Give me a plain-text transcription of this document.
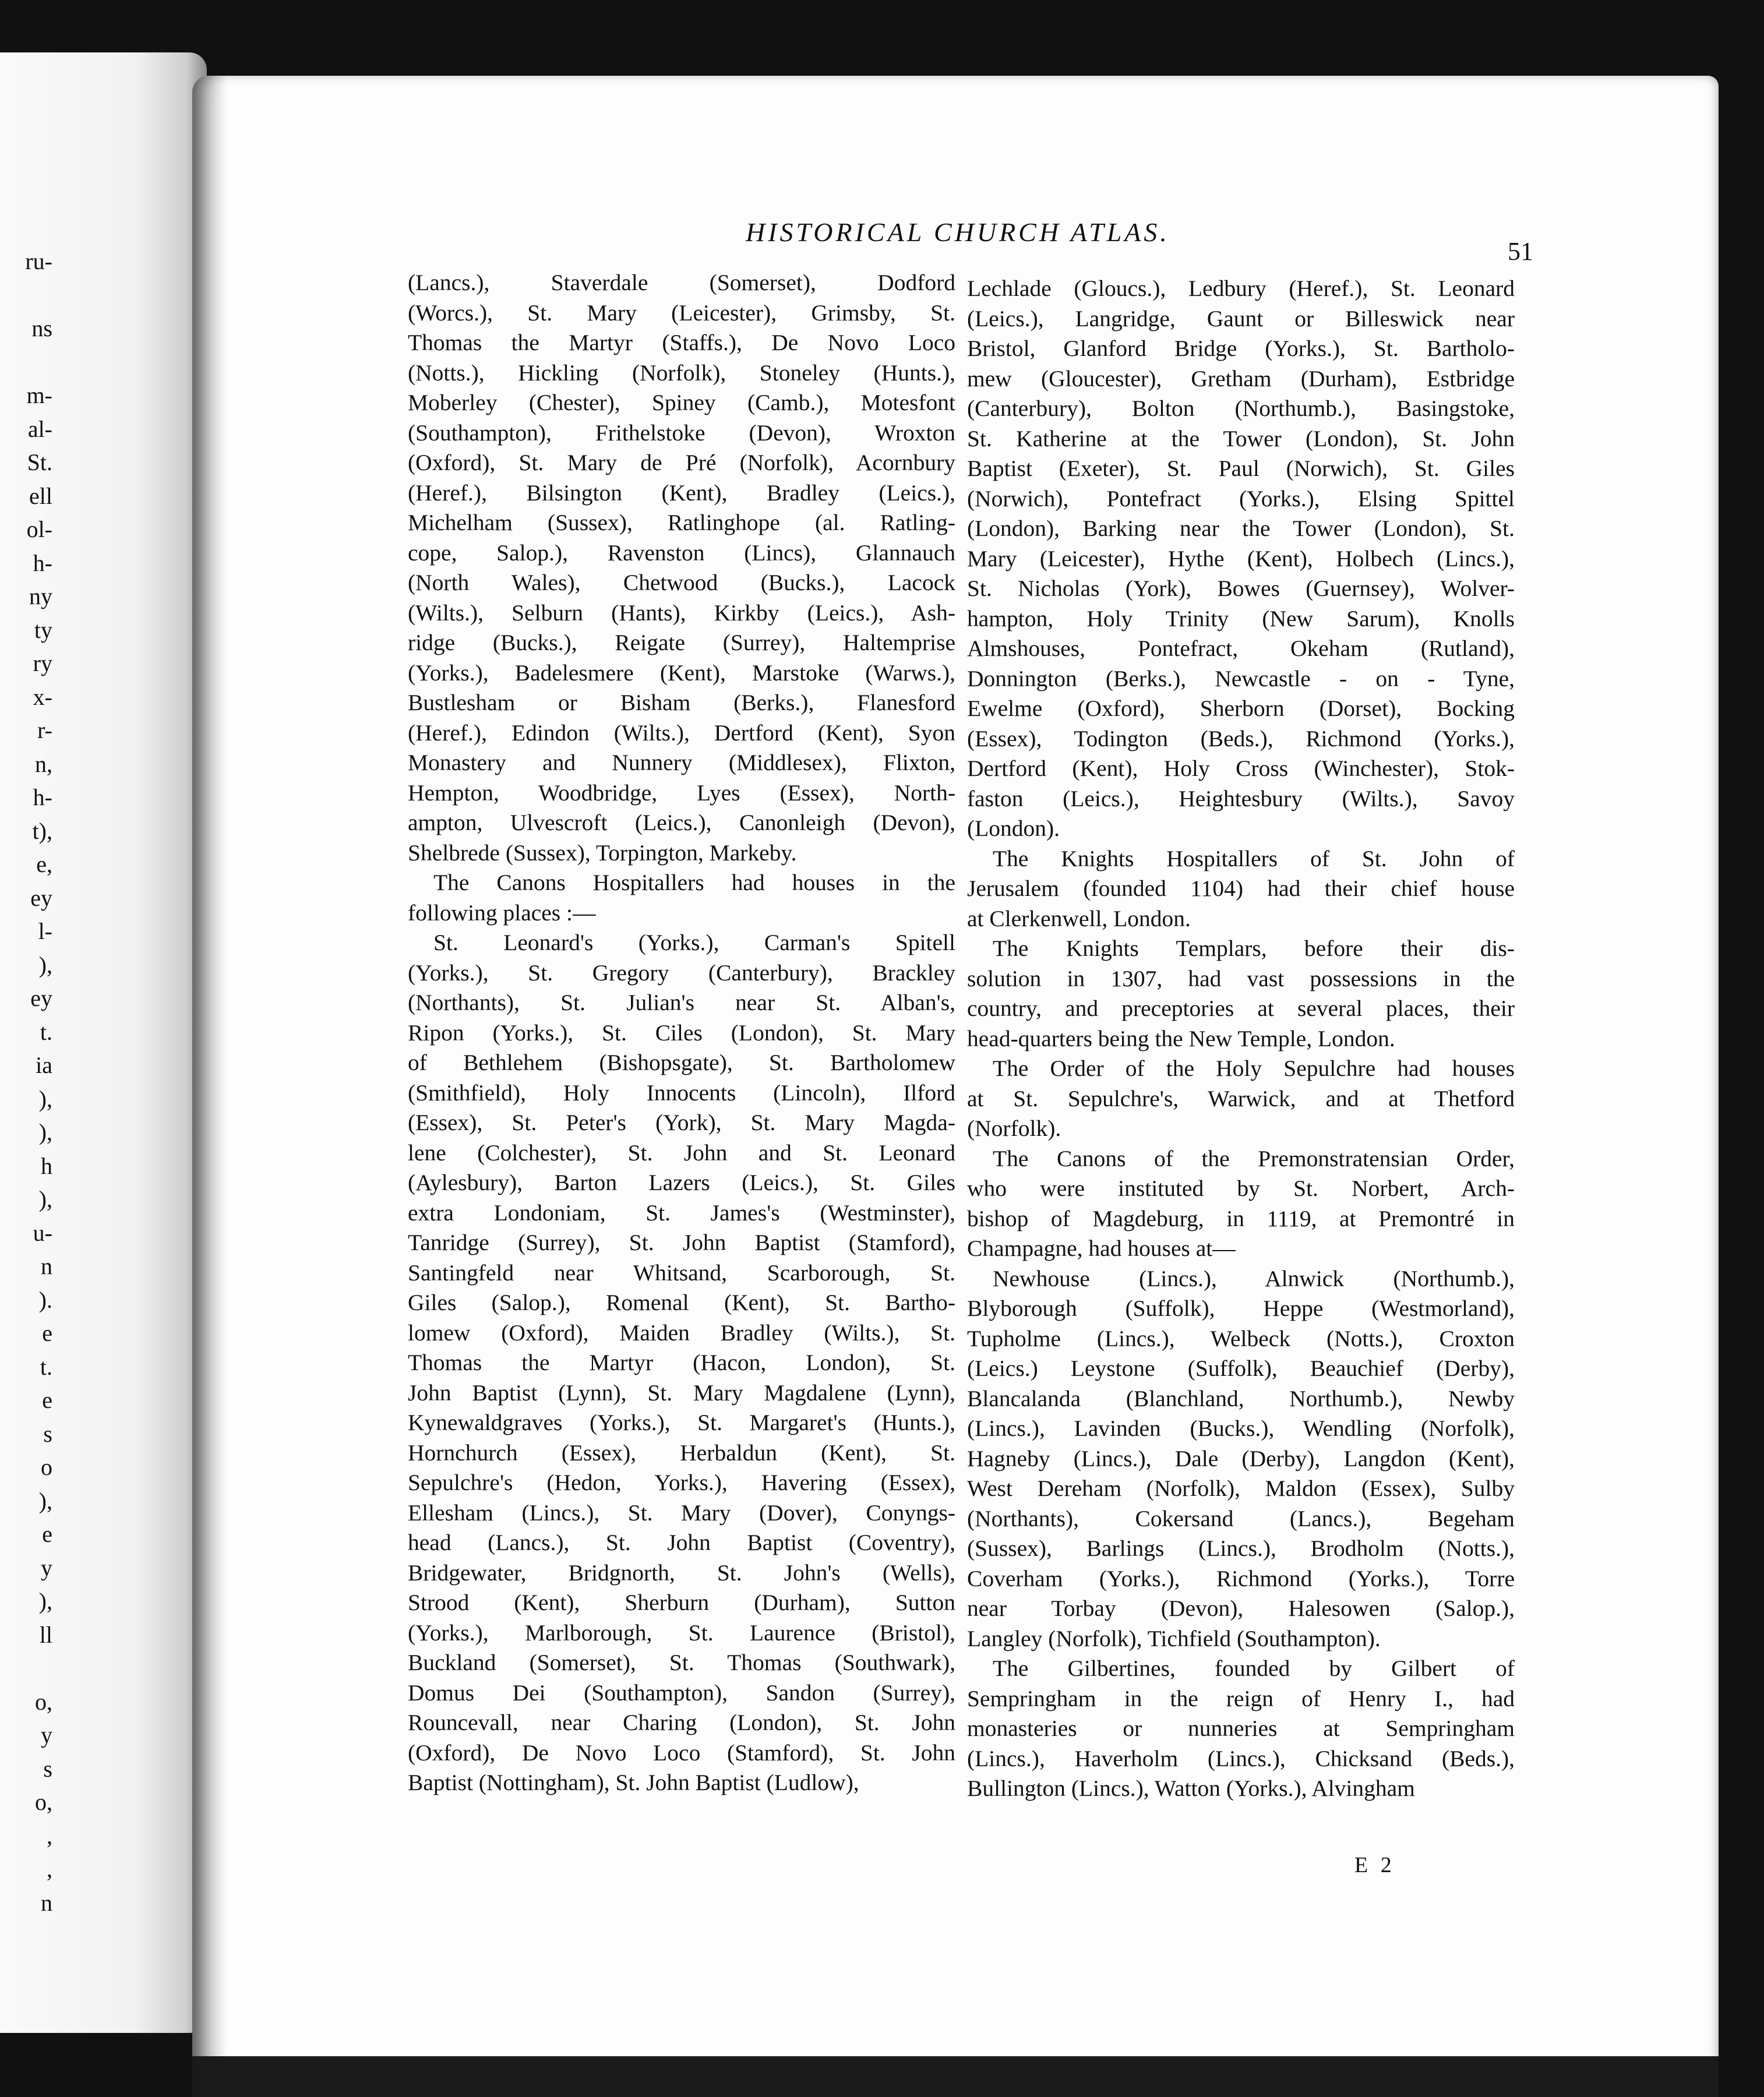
ru-
ns
m-
al-
St.
ell
ol-
h-
ny
ty
ry
x-
r-
n,
h-
t),
e,
ey
l-
),
ey
t.
ia
),
),
h
),
u-
n
).
e
t.
e
s
o
),
e
y
),
ll
o,
y
s
o,
,
,
n
HISTORICAL CHURCH ATLAS.
51

(Lancs.), Staverdale (Somerset), Dodford
(Worcs.), St. Mary (Leicester), Grimsby, St.
Thomas the Martyr (Staffs.), De Novo Loco
(Notts.), Hickling (Norfolk), Stoneley (Hunts.),
Moberley (Chester), Spiney (Camb.), Motesfont
(Southampton), Frithelstoke (Devon), Wroxton
(Oxford), St. Mary de Pré (Norfolk), Acornbury
(Heref.), Bilsington (Kent), Bradley (Leics.),
Michelham (Sussex), Ratlinghope (al. Ratling-
cope, Salop.), Ravenston (Lincs), Glannauch
(North Wales), Chetwood (Bucks.), Lacock
(Wilts.), Selburn (Hants), Kirkby (Leics.), Ash-
ridge (Bucks.), Reigate (Surrey), Haltemprise
(Yorks.), Badelesmere (Kent), Marstoke (Warws.),
Bustlesham or Bisham (Berks.), Flanesford
(Heref.), Edindon (Wilts.), Dertford (Kent), Syon
Monastery and Nunnery (Middlesex), Flixton,
Hempton, Woodbridge, Lyes (Essex), North-
ampton, Ulvescroft (Leics.), Canonleigh (Devon),
Shelbrede (Sussex), Torpington, Markeby.

The Canons Hospitallers had houses in the
following places :—

St. Leonard's (Yorks.), Carman's Spitell
(Yorks.), St. Gregory (Canterbury), Brackley
(Northants), St. Julian's near St. Alban's,
Ripon (Yorks.), St. Ciles (London), St. Mary
of Bethlehem (Bishopsgate), St. Bartholomew
(Smithfield), Holy Innocents (Lincoln), Ilford
(Essex), St. Peter's (York), St. Mary Magda-
lene (Colchester), St. John and St. Leonard
(Aylesbury), Barton Lazers (Leics.), St. Giles
extra Londoniam, St. James's (Westminster),
Tanridge (Surrey), St. John Baptist (Stamford),
Santingfeld near Whitsand, Scarborough, St.
Giles (Salop.), Romenal (Kent), St. Bartho-
lomew (Oxford), Maiden Bradley (Wilts.), St.
Thomas the Martyr (Hacon, London), St.
John Baptist (Lynn), St. Mary Magdalene (Lynn),
Kynewaldgraves (Yorks.), St. Margaret's (Hunts.),
Hornchurch (Essex), Herbaldun (Kent), St.
Sepulchre's (Hedon, Yorks.), Havering (Essex),
Ellesham (Lincs.), St. Mary (Dover), Conyngs-
head (Lancs.), St. John Baptist (Coventry),
Bridgewater, Bridgnorth, St. John's (Wells),
Strood (Kent), Sherburn (Durham), Sutton
(Yorks.), Marlborough, St. Laurence (Bristol),
Buckland (Somerset), St. Thomas (Southwark),
Domus Dei (Southampton), Sandon (Surrey),
Rouncevall, near Charing (London), St. John
(Oxford), De Novo Loco (Stamford), St. John
Baptist (Nottingham), St. John Baptist (Ludlow),

Lechlade (Gloucs.), Ledbury (Heref.), St. Leonard
(Leics.), Langridge, Gaunt or Billeswick near
Bristol, Glanford Bridge (Yorks.), St. Bartholo-
mew (Gloucester), Gretham (Durham), Estbridge
(Canterbury), Bolton (Northumb.), Basingstoke,
St. Katherine at the Tower (London), St. John
Baptist (Exeter), St. Paul (Norwich), St. Giles
(Norwich), Pontefract (Yorks.), Elsing Spittel
(London), Barking near the Tower (London), St.
Mary (Leicester), Hythe (Kent), Holbech (Lincs.),
St. Nicholas (York), Bowes (Guernsey), Wolver-
hampton, Holy Trinity (New Sarum), Knolls
Almshouses, Pontefract, Okeham (Rutland),
Donnington (Berks.), Newcastle - on - Tyne,
Ewelme (Oxford), Sherborn (Dorset), Bocking
(Essex), Todington (Beds.), Richmond (Yorks.),
Dertford (Kent), Holy Cross (Winchester), Stok-
faston (Leics.), Heightesbury (Wilts.), Savoy
(London).

The Knights Hospitallers of St. John of
Jerusalem (founded 1104) had their chief house
at Clerkenwell, London.

The Knights Templars, before their dis-
solution in 1307, had vast possessions in the
country, and preceptories at several places, their
head-quarters being the New Temple, London.

The Order of the Holy Sepulchre had houses
at St. Sepulchre's, Warwick, and at Thetford
(Norfolk).

The Canons of the Premonstratensian Order,
who were instituted by St. Norbert, Arch-
bishop of Magdeburg, in 1119, at Premontré in
Champagne, had houses at—

Newhouse (Lincs.), Alnwick (Northumb.),
Blyborough (Suffolk), Heppe (Westmorland),
Tupholme (Lincs.), Welbeck (Notts.), Croxton
(Leics.) Leystone (Suffolk), Beauchief (Derby),
Blancalanda (Blanchland, Northumb.), Newby
(Lincs.), Lavinden (Bucks.), Wendling (Norfolk),
Hagneby (Lincs.), Dale (Derby), Langdon (Kent),
West Dereham (Norfolk), Maldon (Essex), Sulby
(Northants), Cokersand (Lancs.), Begeham
(Sussex), Barlings (Lincs.), Brodholm (Notts.),
Coverham (Yorks.), Richmond (Yorks.), Torre
near Torbay (Devon), Halesowen (Salop.),
Langley (Norfolk), Tichfield (Southampton).

The Gilbertines, founded by Gilbert of
Sempringham in the reign of Henry I., had
monasteries or nunneries at Sempringham
(Lincs.), Haverholm (Lincs.), Chicksand (Beds.),
Bullington (Lincs.), Watton (Yorks.), Alvingham

E 2
